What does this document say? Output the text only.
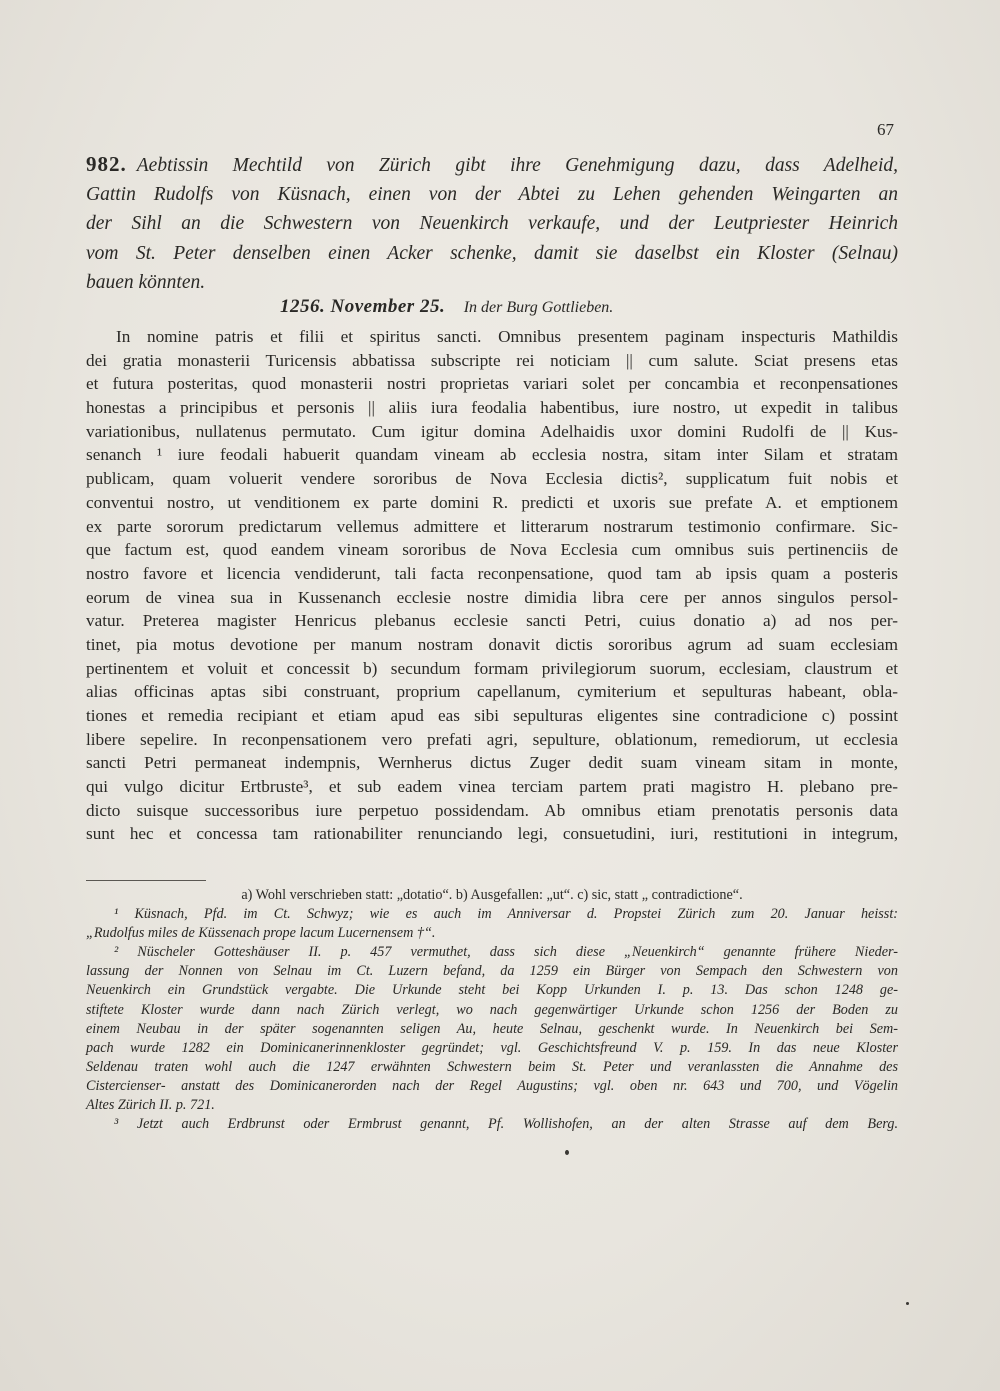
67
982. Aebtissin Mechtild von Zürich gibt ihre Genehmigung dazu, dass Adelheid,
Gattin Rudolfs von Küsnach, einen von der Abtei zu Lehen gehenden Weingarten an
der Sihl an die Schwestern von Neuenkirch verkaufe, und der Leutpriester Heinrich
vom St. Peter denselben einen Acker schenke, damit sie daselbst ein Kloster (Selnau)
bauen könnten.
1256. November 25. In der Burg Gottlieben.
In nomine patris et filii et spiritus sancti. Omnibus presentem paginam inspecturis Mathildis
dei gratia monasterii Turicensis abbatissa subscripte rei noticiam || cum salute. Sciat presens etas
et futura posteritas, quod monasterii nostri proprietas variari solet per concambia et reconpensationes
honestas a principibus et personis || aliis iura feodalia habentibus, iure nostro, ut expedit in talibus
variationibus, nullatenus permutato. Cum igitur domina Adelhaidis uxor domini Rudolfi de || Kus-
senanch ¹ iure feodali habuerit quandam vineam ab ecclesia nostra, sitam inter Silam et stratam
publicam, quam voluerit vendere sororibus de Nova Ecclesia dictis², supplicatum fuit nobis et
conventui nostro, ut venditionem ex parte domini R. predicti et uxoris sue prefate A. et emptionem
ex parte sororum predictarum vellemus admittere et litterarum nostrarum testimonio confirmare. Sic-
que factum est, quod eandem vineam sororibus de Nova Ecclesia cum omnibus suis pertinenciis de
nostro favore et licencia vendiderunt, tali facta reconpensatione, quod tam ab ipsis quam a posteris
eorum de vinea sua in Kussenanch ecclesie nostre dimidia libra cere per annos singulos persol-
vatur. Preterea magister Henricus plebanus ecclesie sancti Petri, cuius donatio a) ad nos per-
tinet, pia motus devotione per manum nostram donavit dictis sororibus agrum ad suam ecclesiam
pertinentem et voluit et concessit b) secundum formam privilegiorum suorum, ecclesiam, claustrum et
alias officinas aptas sibi construant, proprium capellanum, cymiterium et sepulturas habeant, obla-
tiones et remedia recipiant et etiam apud eas sibi sepulturas eligentes sine contradicione c) possint
libere sepelire. In reconpensationem vero prefati agri, sepulture, oblationum, remediorum, ut ecclesia
sancti Petri permaneat indempnis, Wernherus dictus Zuger dedit suam vineam sitam in monte,
qui vulgo dicitur Ertbruste³, et sub eadem vinea terciam partem prati magistro H. plebano pre-
dicto suisque successoribus iure perpetuo possidendam. Ab omnibus etiam prenotatis personis data
sunt hec et concessa tam rationabiliter renunciando legi, consuetudini, iuri, restitutioni in integrum,
a) Wohl verschrieben statt: „dotatio“. b) Ausgefallen: „ut“. c) sic, statt „ contradictione“.
¹ Küsnach, Pfd. im Ct. Schwyz; wie es auch im Anniversar d. Propstei Zürich zum 20. Januar heisst:
„Rudolfus miles de Küssenach prope lacum Lucernensem †“.
² Nüscheler Gotteshäuser II. p. 457 vermuthet, dass sich diese „Neuenkirch“ genannte frühere Nieder-
lassung der Nonnen von Selnau im Ct. Luzern befand, da 1259 ein Bürger von Sempach den Schwestern von
Neuenkirch ein Grundstück vergabte. Die Urkunde steht bei Kopp Urkunden I. p. 13. Das schon 1248 ge-
stiftete Kloster wurde dann nach Zürich verlegt, wo nach gegenwärtiger Urkunde schon 1256 der Boden zu
einem Neubau in der später sogenannten seligen Au, heute Selnau, geschenkt wurde. In Neuenkirch bei Sem-
pach wurde 1282 ein Dominicanerinnenkloster gegründet; vgl. Geschichtsfreund V. p. 159. In das neue Kloster
Seldenau traten wohl auch die 1247 erwähnten Schwestern beim St. Peter und veranlassten die Annahme des
Cistercienser- anstatt des Dominicanerorden nach der Regel Augustins; vgl. oben nr. 643 und 700, und Vögelin
Altes Zürich II. p. 721.
³ Jetzt auch Erdbrunst oder Ermbrust genannt, Pf. Wollishofen, an der alten Strasse auf dem Berg.
